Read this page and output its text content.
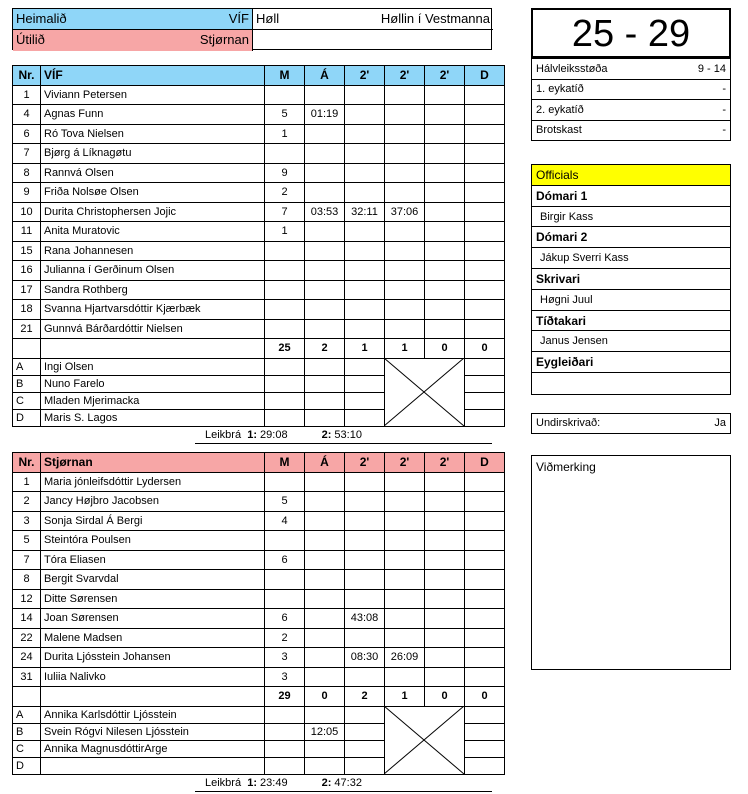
Heimalið	VÍF
Útilið	Stjørnan
Høll	Høllin í Vestmanna
Nr.	VÍF	M	Á	2'	2'	2'	D
1	Viviann Petersen						
4	Agnas Funn	5	01:19				
6	Ró Tova Nielsen	1					
7	Bjørg á Líknagøtu						
8	Rannvá Olsen	9					
9	Friða Nolsøe Olsen	2					
10	Durita Christophersen Jojic	7	03:53	32:11	37:06		
11	Anita Muratovic	1					
15	Rana Johannesen						
16	Julianna í Gerðinum Olsen						
17	Sandra Rothberg						
18	Svanna Hjartvarsdóttir Kjærbæk						
21	Gunnvá Bárðardóttir Nielsen						
		25	2	1	1	0	0
A	Ingi Olsen						
B	Nuno Farelo						
C	Mladen Mjerimacka						
D	Maris S. Lagos						
Leikbrá 1: 29:08	2: 53:10
Nr.	Stjørnan	M	Á	2'	2'	2'	D
1	Maria jónleifsdóttir Lydersen						
2	Jancy Højbro Jacobsen	5					
3	Sonja Sirdal Á Bergi	4					
5	Steintóra Poulsen						
7	Tóra Eliasen	6					
8	Bergit Svarvdal						
12	Ditte Sørensen						
14	Joan Sørensen	6		43:08			
22	Malene Madsen	2					
24	Durita Ljósstein Johansen	3		08:30	26:09		
31	Iuliia Nalivko	3					
		29	0	2	1	0	0
A	Annika Karlsdóttir Ljósstein						
B	Svein Rógvi Nilesen Ljósstein		12:05				
C	Annika MagnusdóttirArge						
D							
Leikbrá 1: 23:49	2: 47:32
25 - 29
Hálvleiksstøða	9 - 14

1. eykatíð	-

2. eykatíð	-

Brotskast	-
Officials
Dómari 1
Birgir Kass
Dómari 2
Jákup Sverri Kass
Skrivari
Høgni Juul
Tíðtakari
Janus Jensen
Eygleiðari
Undirskrivað:	Ja
Viðmerking
